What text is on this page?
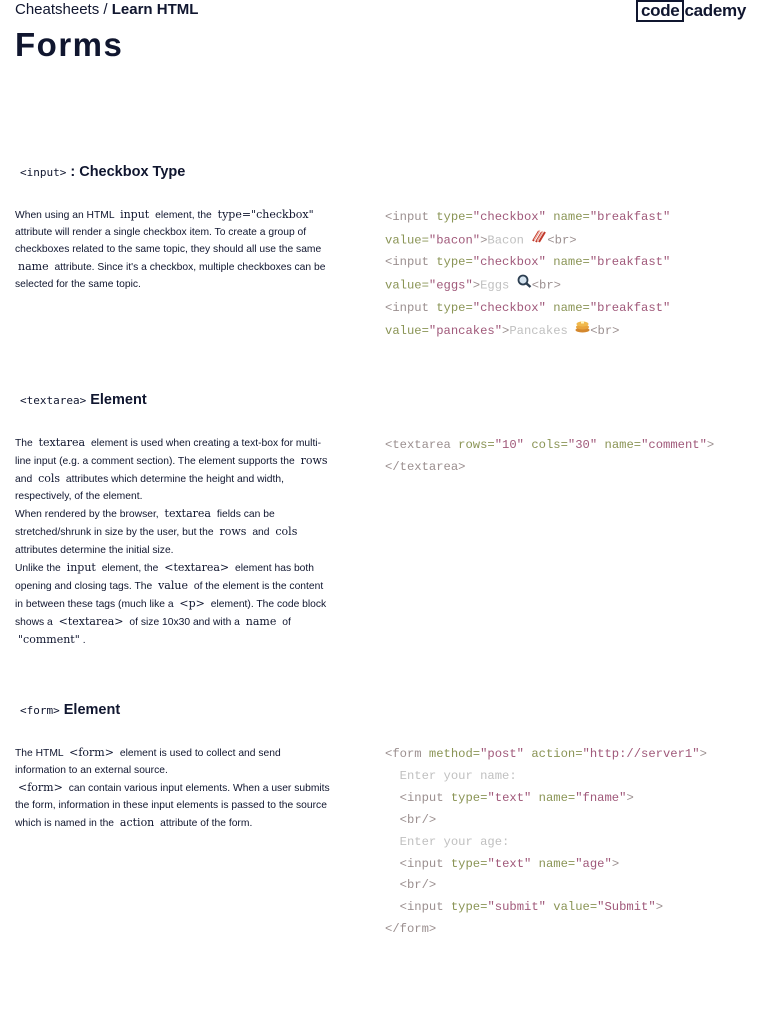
Cheatsheets / Learn HTML	code cademy
Forms
<input> : Checkbox Type
When using an HTML input element, the type="checkbox" attribute will render a single checkbox item. To create a group of checkboxes related to the same topic, they should all use the same name attribute. Since it's a checkbox, multiple checkboxes can be selected for the same topic.
<input type="checkbox" name="breakfast"
value="bacon">Bacon <br>
<input type="checkbox" name="breakfast"
value="eggs">Eggs <br>
<input type="checkbox" name="breakfast"
value="pancakes">Pancakes <br>
<textarea> Element
The textarea element is used when creating a text-box for multi-line input (e.g. a comment section). The element supports the rows and cols attributes which determine the height and width, respectively, of the element.
When rendered by the browser, textarea fields can be stretched/shrunk in size by the user, but the rows and cols attributes determine the initial size.
Unlike the input element, the <textarea> element has both opening and closing tags. The value of the element is the content in between these tags (much like a <p> element). The code block shows a <textarea> of size 10x30 and with a name of "comment" .
<textarea rows="10" cols="30" name="comment">
</textarea>
<form> Element
The HTML <form> element is used to collect and send information to an external source.
<form> can contain various input elements. When a user submits the form, information in these input elements is passed to the source which is named in the action attribute of the form.
<form method="post" action="http://server1">
Enter your name:
<input type="text" name="fname">
<br/>
Enter your age:
<input type="text" name="age">
<br/>
<input type="submit" value="Submit">
</form>
